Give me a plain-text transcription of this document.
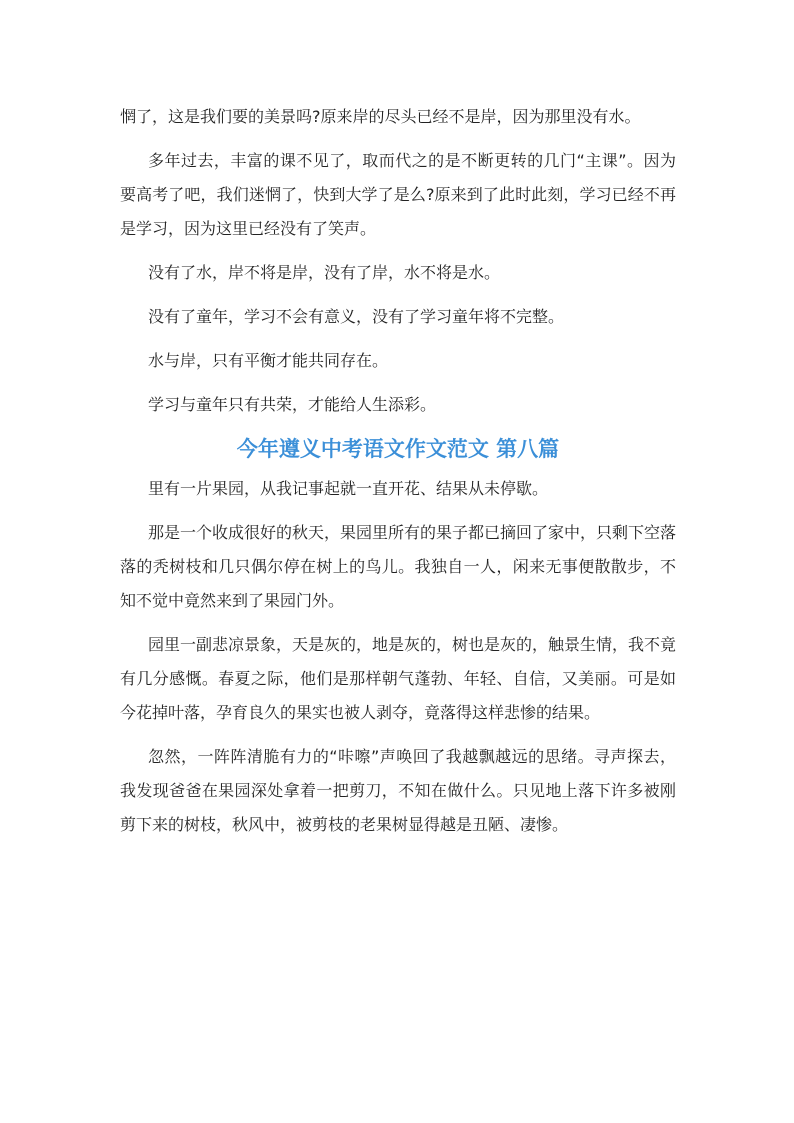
惘了，这是我们要的美景吗?原来岸的尽头已经不是岸，因为那里没有水。

多年过去，丰富的课不见了，取而代之的是不断更转的几门“主课”。因为要高考了吧，我们迷惘了，快到大学了是么?原来到了此时此刻，学习已经不再是学习，因为这里已经没有了笑声。

没有了水，岸不将是岸，没有了岸，水不将是水。

没有了童年，学习不会有意义，没有了学习童年将不完整。

水与岸，只有平衡才能共同存在。

学习与童年只有共荣，才能给人生添彩。

今年遵义中考语文作文范文 第八篇

里有一片果园，从我记事起就一直开花、结果从未停歇。

那是一个收成很好的秋天，果园里所有的果子都已摘回了家中，只剩下空落落的秃树枝和几只偶尔停在树上的鸟儿。我独自一人，闲来无事便散散步，不知不觉中竟然来到了果园门外。

园里一副悲凉景象，天是灰的，地是灰的，树也是灰的，触景生情，我不竟有几分感慨。春夏之际，他们是那样朝气蓬勃、年轻、自信，又美丽。可是如今花掉叶落，孕育良久的果实也被人剥夺，竟落得这样悲惨的结果。

忽然，一阵阵清脆有力的“咔嚓”声唤回了我越飘越远的思绪。寻声探去，我发现爸爸在果园深处拿着一把剪刀，不知在做什么。只见地上落下许多被刚剪下来的树枝，秋风中，被剪枝的老果树显得越是丑陋、凄惨。
